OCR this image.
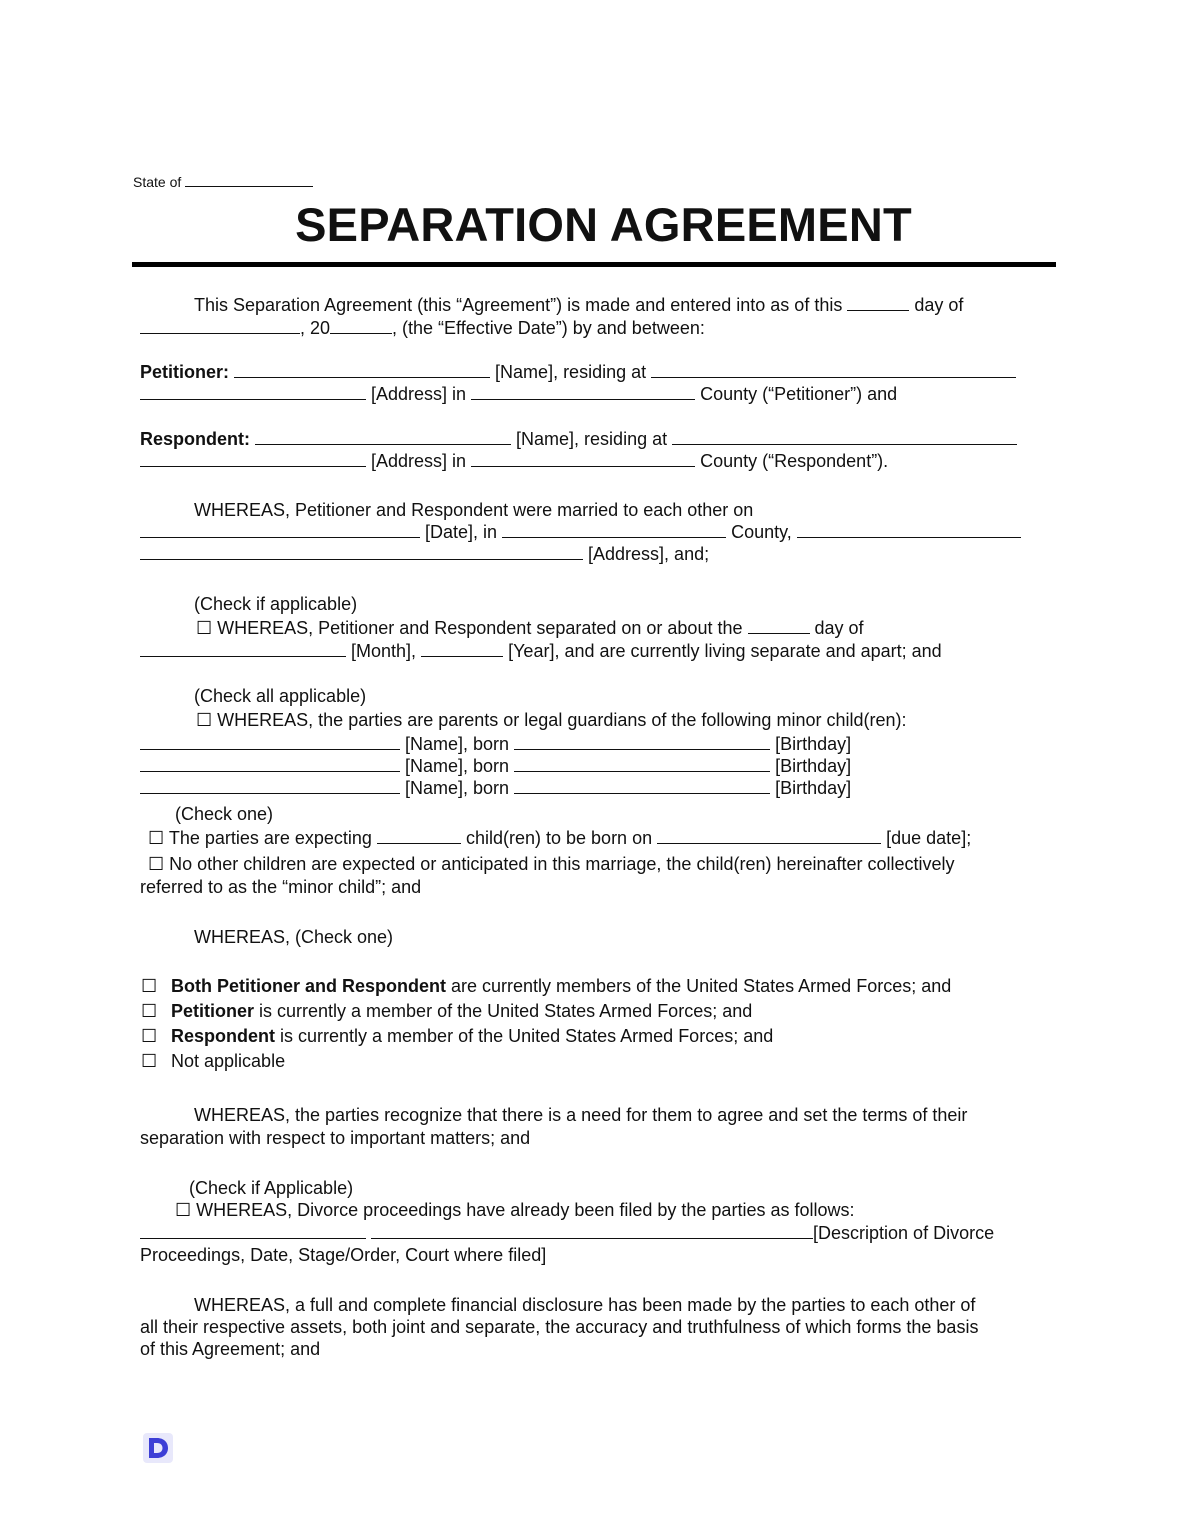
State of
SEPARATION AGREEMENT
This Separation Agreement (this “Agreement”) is made and entered into as of this	day of
, 20	, (the “Effective Date”) by and between:
Petitioner:	[Name], residing at
[Address] in	County (“Petitioner”) and
Respondent:	[Name], residing at
[Address] in	County (“Respondent”).
WHEREAS, Petitioner and Respondent were married to each other on
[Date], in	County,
[Address], and;
(Check if applicable)
☐ WHEREAS, Petitioner and Respondent separated on or about the	day of
[Month],	[Year], and are currently living separate and apart; and
(Check all applicable)
☐ WHEREAS, the parties are parents or legal guardians of the following minor child(ren):
[Name], born	[Birthday]
[Name], born	[Birthday]
[Name], born	[Birthday]
(Check one)
☐ The parties are expecting	child(ren) to be born on	[due date];
☐ No other children are expected or anticipated in this marriage, the child(ren) hereinafter collectively
referred to as the “minor child”; and
WHEREAS, (Check one)
☐ Both Petitioner and Respondent are currently members of the United States Armed Forces; and
☐ Petitioner is currently a member of the United States Armed Forces; and
☐ Respondent is currently a member of the United States Armed Forces; and
☐ Not applicable
WHEREAS, the parties recognize that there is a need for them to agree and set the terms of their
separation with respect to important matters; and
(Check if Applicable)
☐ WHEREAS, Divorce proceedings have already been filed by the parties as follows:
[Description of Divorce
Proceedings, Date, Stage/Order, Court where filed]
WHEREAS, a full and complete financial disclosure has been made by the parties to each other of
all their respective assets, both joint and separate, the accuracy and truthfulness of which forms the basis
of this Agreement; and
